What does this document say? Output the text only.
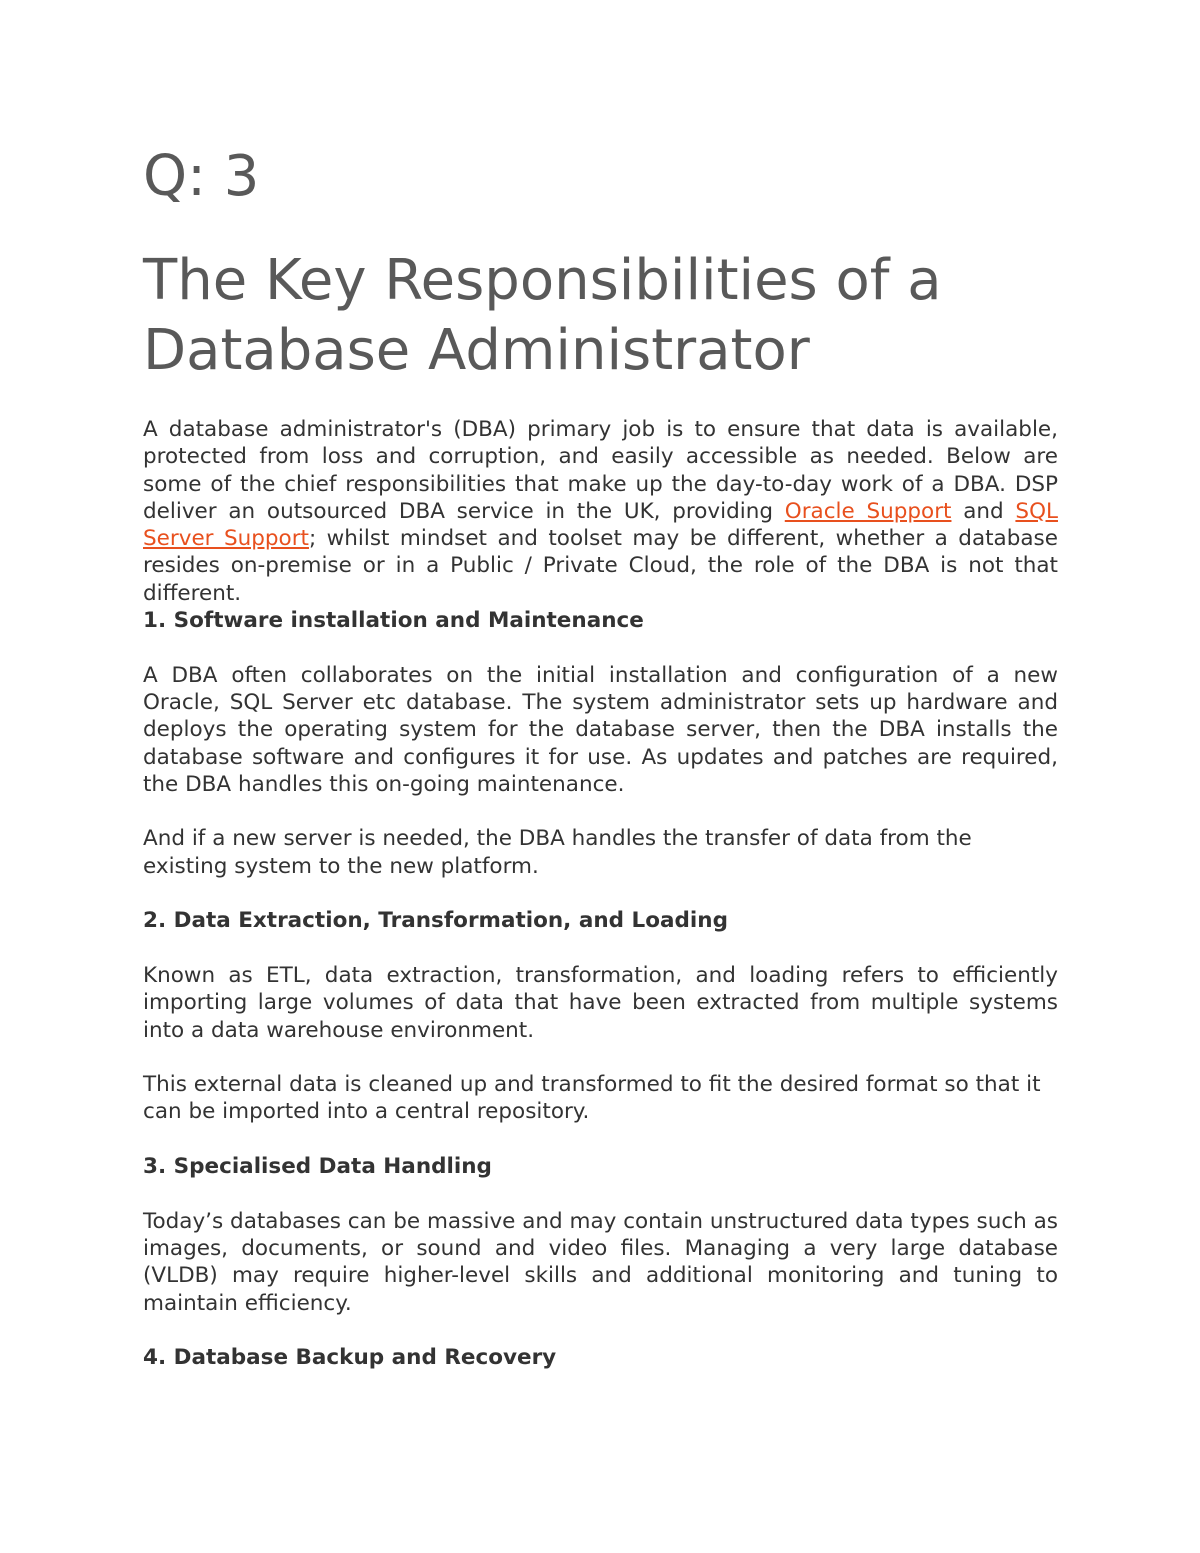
Q: 3
The Key Responsibilities of a Database Administrator

A database administrator's (DBA) primary job is to ensure that data is available, protected from loss and corruption, and easily accessible as needed. Below are some of the chief responsibilities that make up the day-to-day work of a DBA. DSP deliver an outsourced DBA service in the UK, providing Oracle Support and SQL Server Support; whilst mindset and toolset may be different, whether a database resides on-premise or in a Public / Private Cloud, the role of the DBA is not that different.

1. Software installation and Maintenance

A DBA often collaborates on the initial installation and configuration of a new Oracle, SQL Server etc database. The system administrator sets up hardware and deploys the operating system for the database server, then the DBA installs the database software and configures it for use. As updates and patches are required, the DBA handles this on-going maintenance.

And if a new server is needed, the DBA handles the transfer of data from the existing system to the new platform.

2. Data Extraction, Transformation, and Loading

Known as ETL, data extraction, transformation, and loading refers to efficiently importing large volumes of data that have been extracted from multiple systems into a data warehouse environment.

This external data is cleaned up and transformed to fit the desired format so that it can be imported into a central repository.

3. Specialised Data Handling

Today’s databases can be massive and may contain unstructured data types such as images, documents, or sound and video files. Managing a very large database (VLDB) may require higher-level skills and additional monitoring and tuning to maintain efficiency.

4. Database Backup and Recovery
